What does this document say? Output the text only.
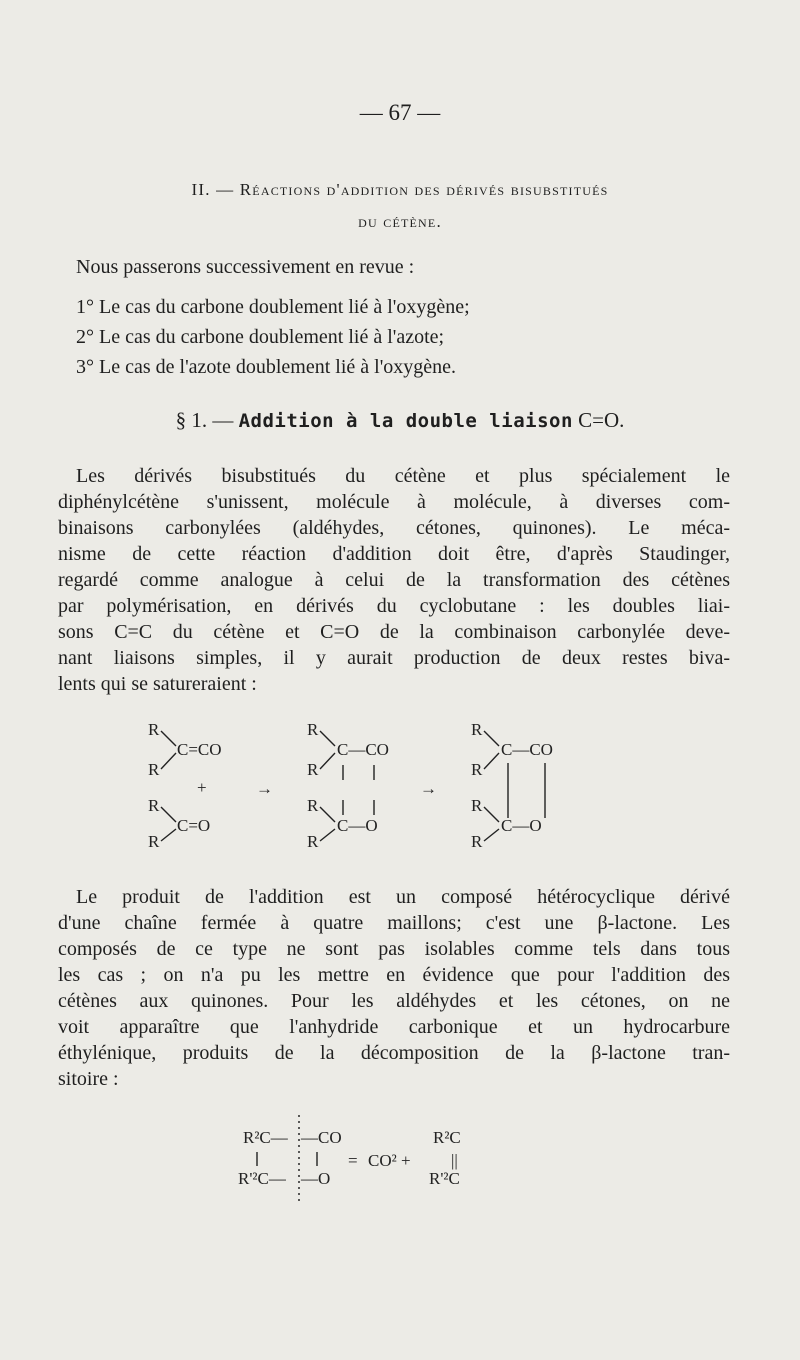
— 67 —
II. — Réactions d'addition des dérivés bisubstitués
du cétène.
Nous passerons successivement en revue :
1° Le cas du carbone doublement lié à l'oxygène;
2° Le cas du carbone doublement lié à l'azote;
3° Le cas de l'azote doublement lié à l'oxygène.
§ 1. — Addition à la double liaison C=O.
Les dérivés bisubstitués du cétène et plus spécialement le
diphénylcétène s'unissent, molécule à molécule, à diverses com-
binaisons carbonylées (aldéhydes, cétones, quinones). Le méca-
nisme de cette réaction d'addition doit être, d'après Staudinger,
regardé comme analogue à celui de la transformation des cétènes
par polymérisation, en dérivés du cyclobutane : les doubles liai-
sons C=C du cétène et C=O de la combinaison carbonylée deve-
nant liaisons simples, il y aurait production de deux restes biva-
lents qui se satureraient :
R
R
C=CO
+
R
R
C=O
→
R
R
C—CO
R
R
C—O
→
R
R
C—CO
R
R
C—O
R²C— —CO
R'²C— —O
= CO² +
R²C
||
R'²C
Le produit de l'addition est un composé hétérocyclique dérivé
d'une chaîne fermée à quatre maillons; c'est une β-lactone. Les
composés de ce type ne sont pas isolables comme tels dans tous
les cas ; on n'a pu les mettre en évidence que pour l'addition des
cétènes aux quinones. Pour les aldéhydes et les cétones, on ne
voit apparaître que l'anhydride carbonique et un hydrocarbure
éthylénique, produits de la décomposition de la β-lactone tran-
sitoire :
